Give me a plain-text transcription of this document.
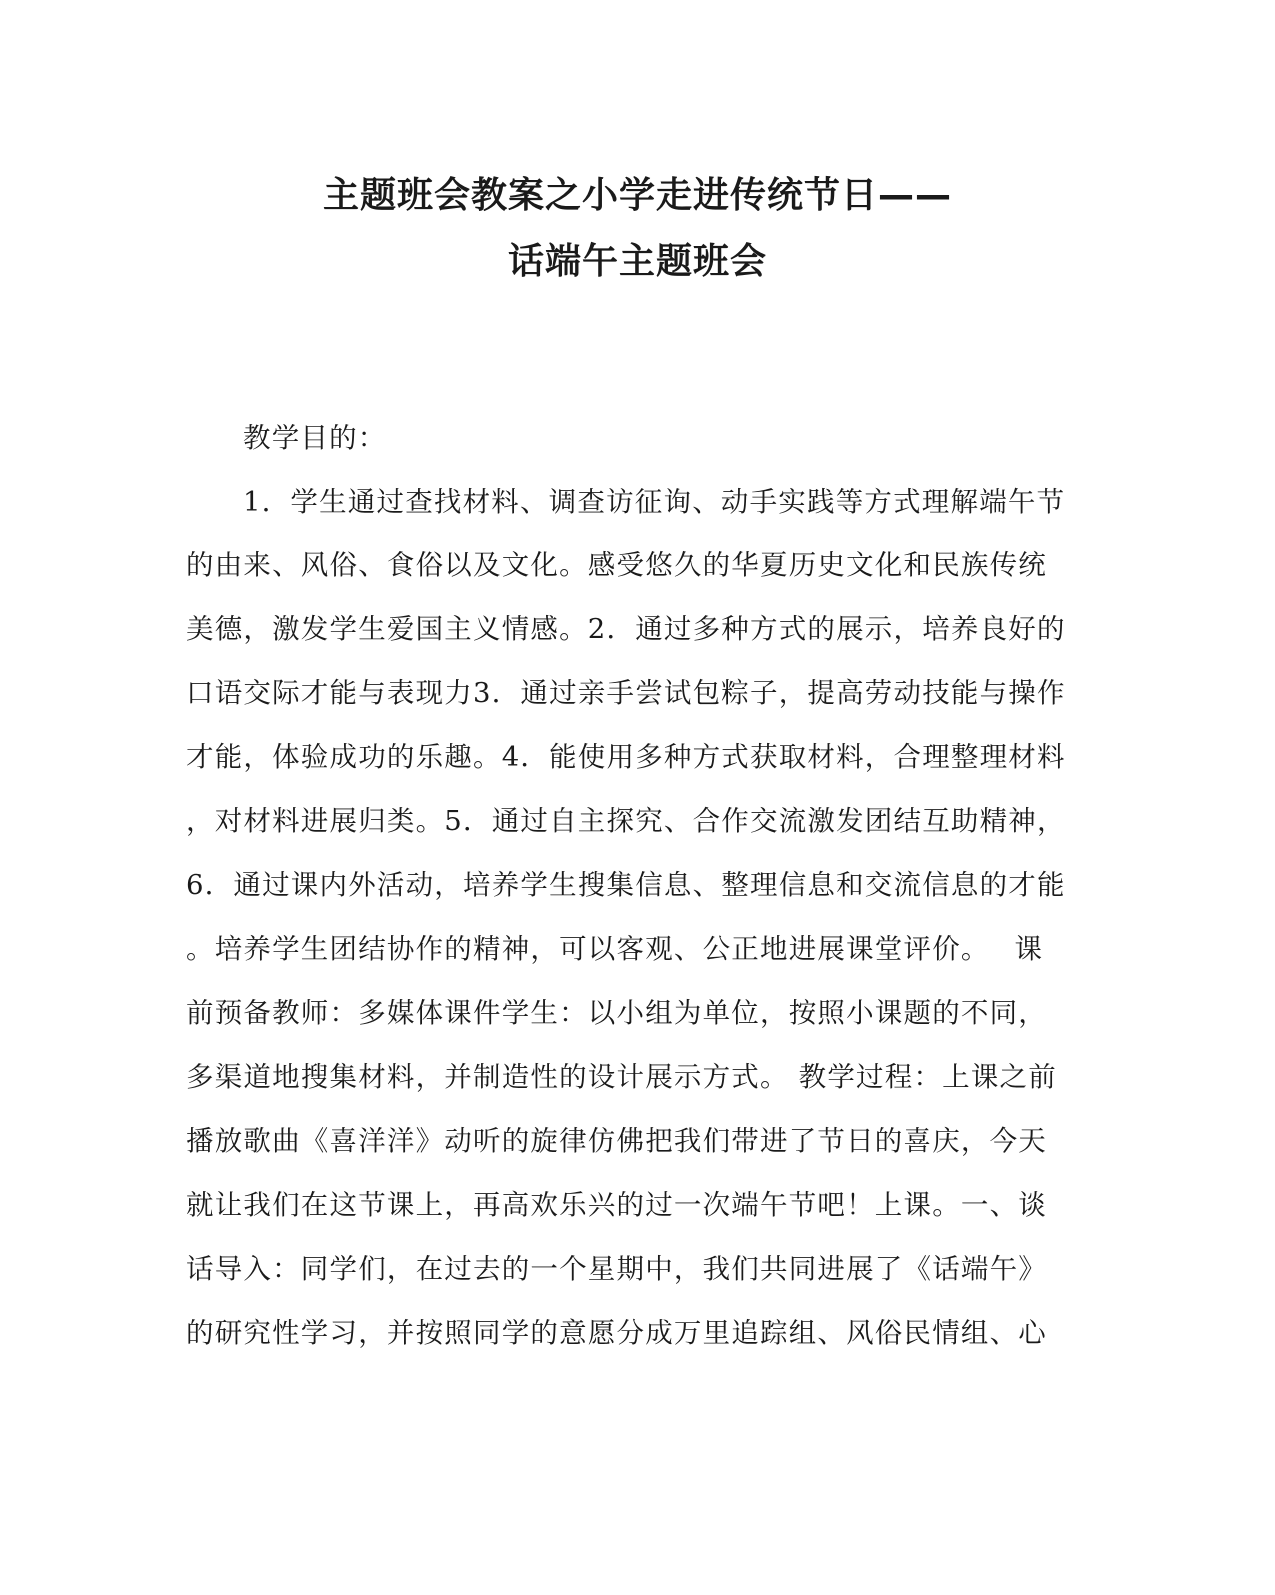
主题班会教案之小学走进传统节日——
话端午主题班会
教学目的：
1．学生通过查找材料、调查访征询、动手实践等方式理解端午节
的由来、风俗、食俗以及文化。感受悠久的华夏历史文化和民族传统
美德，激发学生爱国主义情感。2．通过多种方式的展示，培养良好的
口语交际才能与表现力3．通过亲手尝试包粽子，提高劳动技能与操作
才能，体验成功的乐趣。4．能使用多种方式获取材料，合理整理材料
，对材料进展归类。5．通过自主探究、合作交流激发团结互助精神，
6．通过课内外活动，培养学生搜集信息、整理信息和交流信息的才能
。培养学生团结协作的精神，可以客观、公正地进展课堂评价。　 课
前预备教师：多媒体课件学生：以小组为单位，按照小课题的不同，
多渠道地搜集材料，并制造性的设计展示方式。 教学过程：上课之前
播放歌曲《喜洋洋》动听的旋律仿佛把我们带进了节日的喜庆，今天
就让我们在这节课上，再高欢乐兴的过一次端午节吧！上课。一、谈
话导入：同学们，在过去的一个星期中，我们共同进展了《话端午》
的研究性学习，并按照同学的意愿分成万里追踪组、风俗民情组、心
